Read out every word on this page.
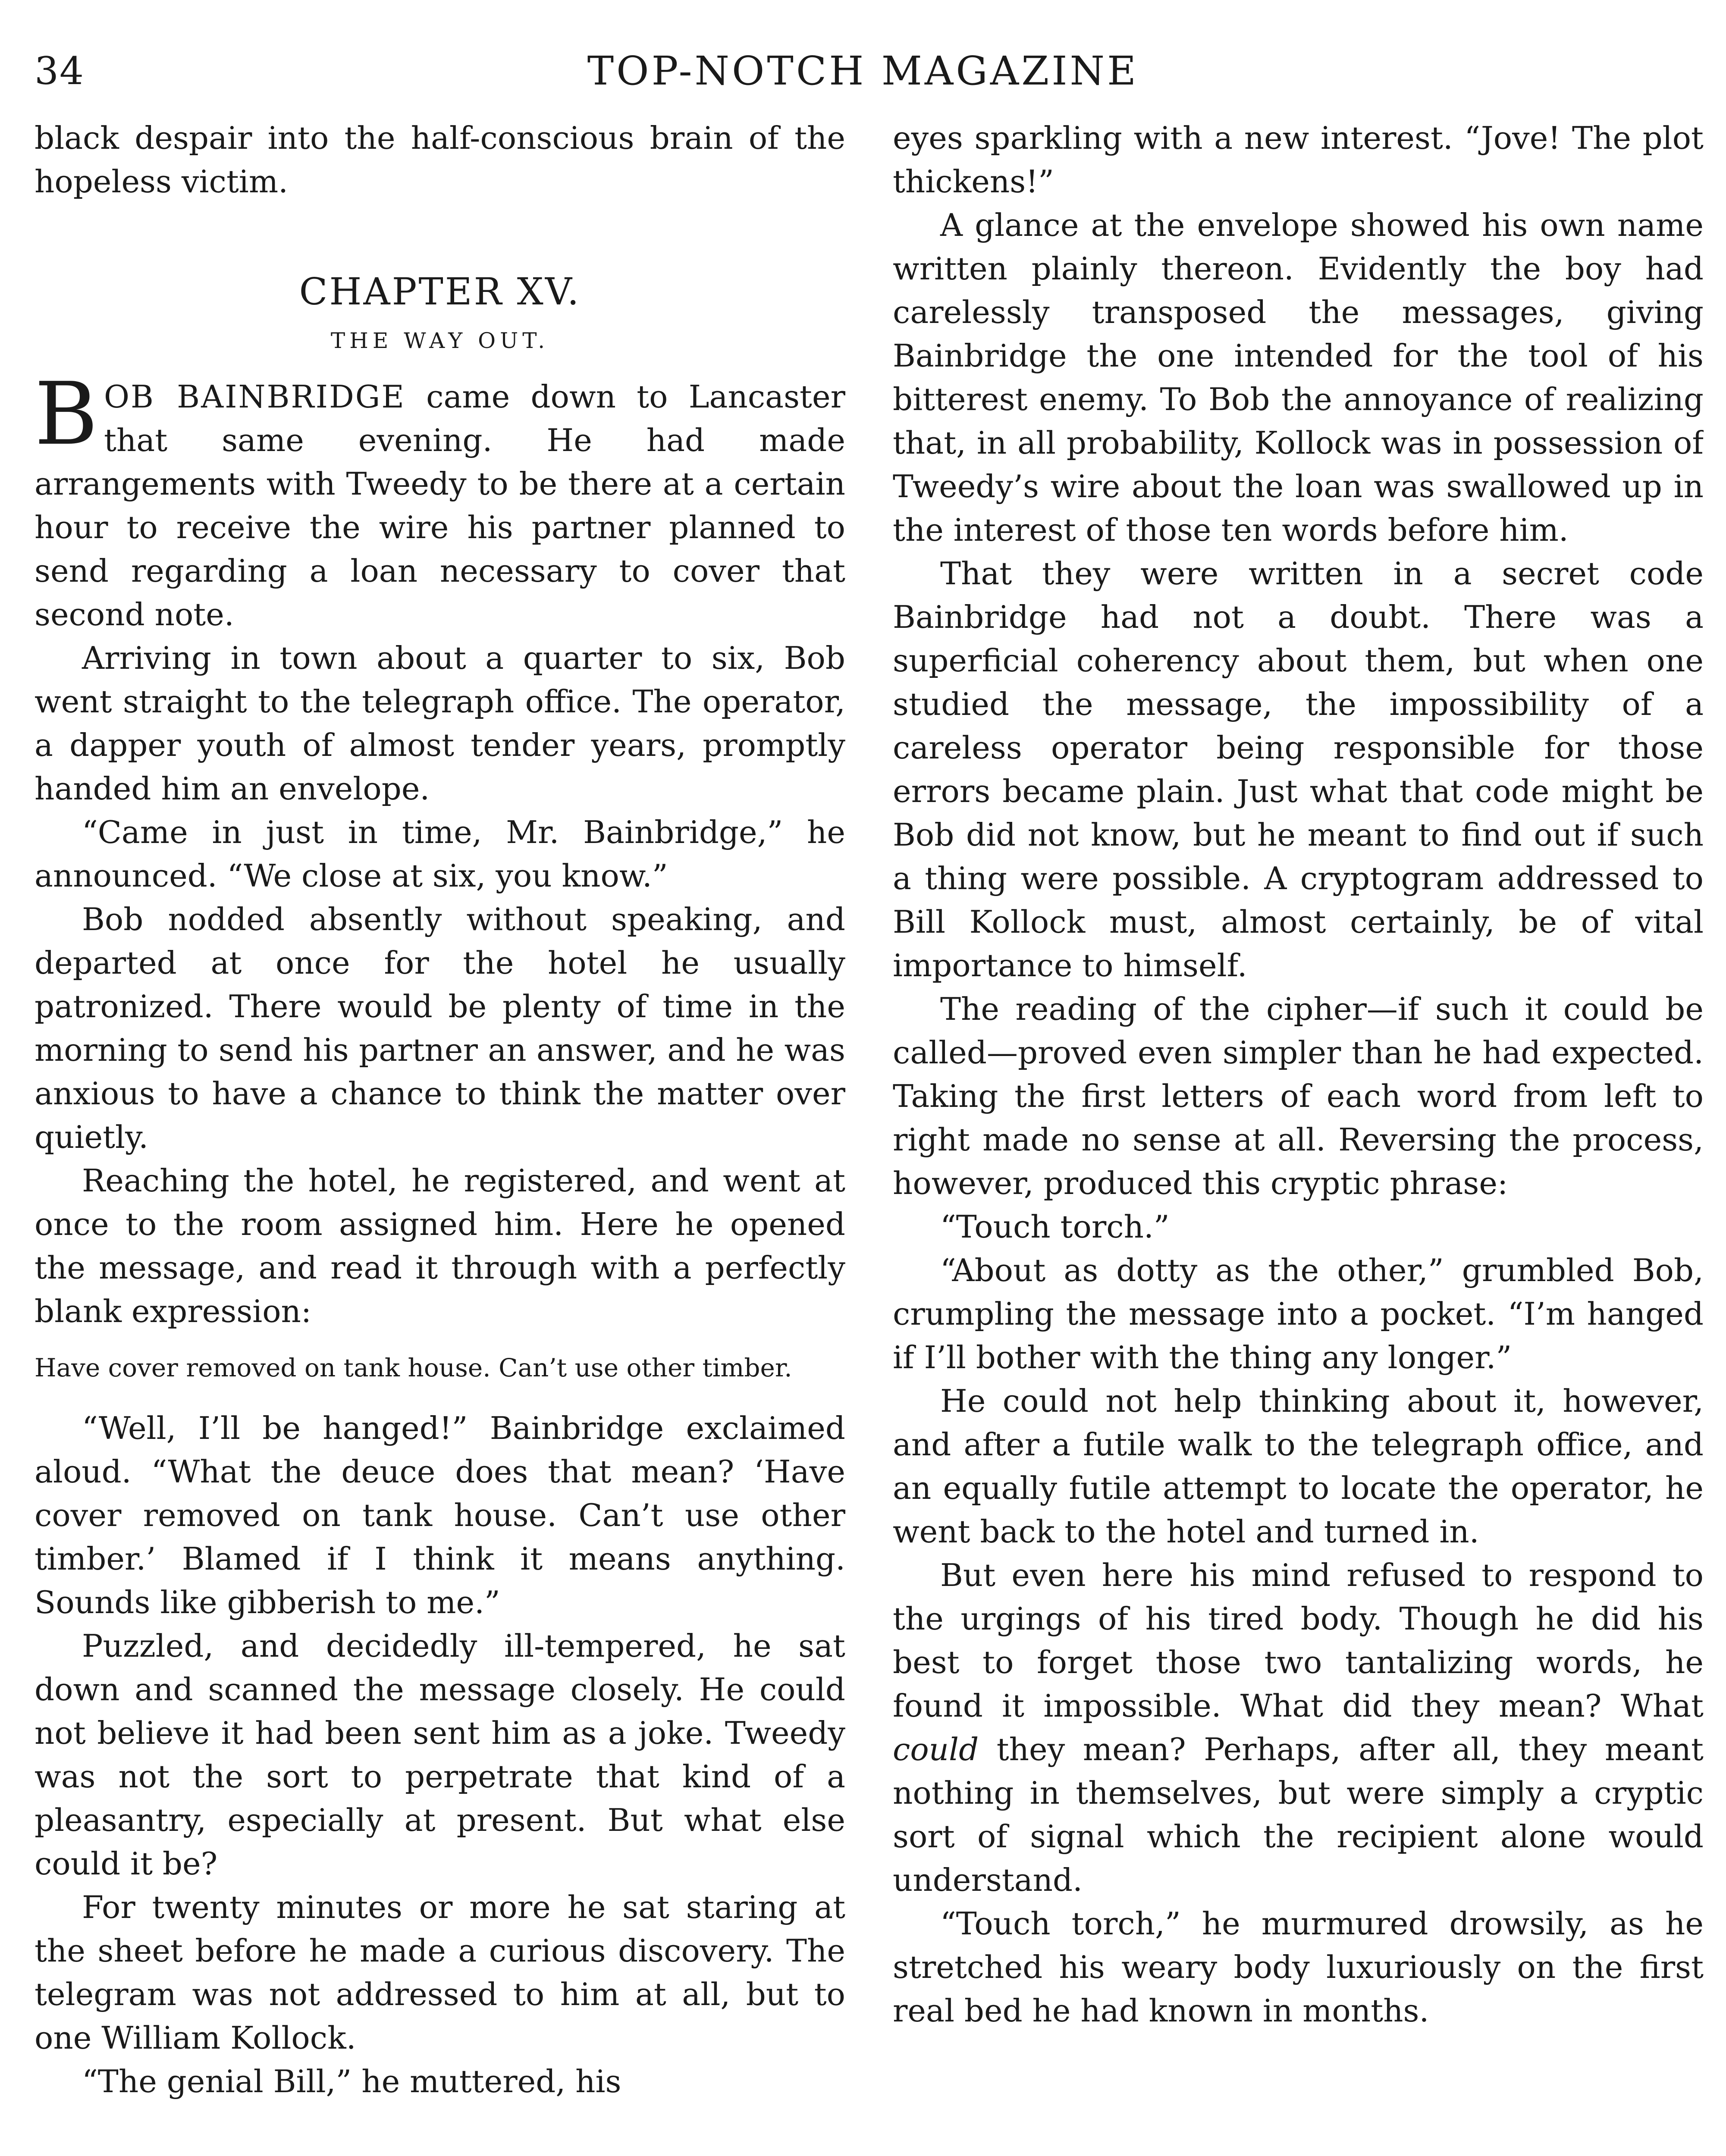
34	TOP-NOTCH MAGAZINE

black despair into the half-conscious brain of the hopeless victim.

CHAPTER XV.
THE WAY OUT.

BOB BAINBRIDGE came down to Lancaster that same evening. He had made arrangements with Tweedy to be there at a certain hour to receive the wire his partner planned to send regarding a loan necessary to cover that second note.

Arriving in town about a quarter to six, Bob went straight to the telegraph office. The operator, a dapper youth of almost tender years, promptly handed him an envelope.

“Came in just in time, Mr. Bainbridge,” he announced. “We close at six, you know.”

Bob nodded absently without speaking, and departed at once for the hotel he usually patronized. There would be plenty of time in the morning to send his partner an answer, and he was anxious to have a chance to think the matter over quietly.

Reaching the hotel, he registered, and went at once to the room assigned him. Here he opened the message, and read it through with a perfectly blank expression:

Have cover removed on tank house. Can’t use other timber.

“Well, I’ll be hanged!” Bainbridge exclaimed aloud. “What the deuce does that mean? ‘Have cover removed on tank house. Can’t use other timber.’ Blamed if I think it means anything. Sounds like gibberish to me.”

Puzzled, and decidedly ill-tempered, he sat down and scanned the message closely. He could not believe it had been sent him as a joke. Tweedy was not the sort to perpetrate that kind of a pleasantry, especially at present. But what else could it be?

For twenty minutes or more he sat staring at the sheet before he made a curious discovery. The telegram was not addressed to him at all, but to one William Kollock.

“The genial Bill,” he muttered, his

eyes sparkling with a new interest. “Jove! The plot thickens!”

A glance at the envelope showed his own name written plainly thereon. Evidently the boy had carelessly transposed the messages, giving Bainbridge the one intended for the tool of his bitterest enemy. To Bob the annoyance of realizing that, in all probability, Kollock was in possession of Tweedy’s wire about the loan was swallowed up in the interest of those ten words before him.

That they were written in a secret code Bainbridge had not a doubt. There was a superficial coherency about them, but when one studied the message, the impossibility of a careless operator being responsible for those errors became plain. Just what that code might be Bob did not know, but he meant to find out if such a thing were possible. A cryptogram addressed to Bill Kollock must, almost certainly, be of vital importance to himself.

The reading of the cipher—if such it could be called—proved even simpler than he had expected. Taking the first letters of each word from left to right made no sense at all. Reversing the process, however, produced this cryptic phrase:

“Touch torch.”

“About as dotty as the other,” grumbled Bob, crumpling the message into a pocket. “I’m hanged if I’ll bother with the thing any longer.”

He could not help thinking about it, however, and after a futile walk to the telegraph office, and an equally futile attempt to locate the operator, he went back to the hotel and turned in.

But even here his mind refused to respond to the urgings of his tired body. Though he did his best to forget those two tantalizing words, he found it impossible. What did they mean? What could they mean? Perhaps, after all, they meant nothing in themselves, but were simply a cryptic sort of signal which the recipient alone would understand.

“Touch torch,” he murmured drowsily, as he stretched his weary body luxuriously on the first real bed he had known in months.
